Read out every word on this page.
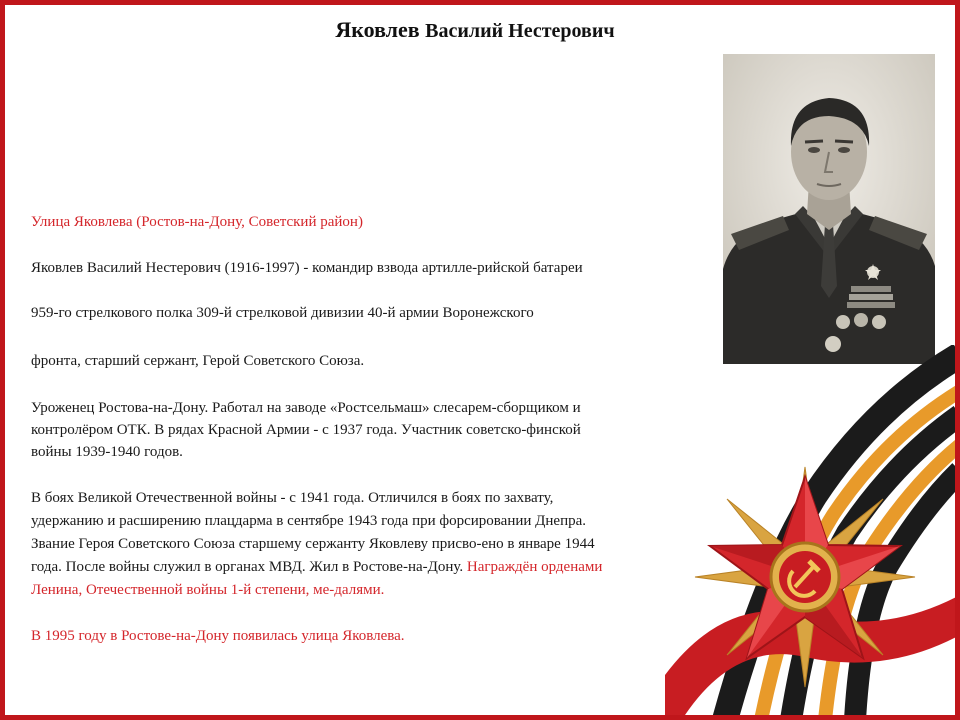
Яковлев Василий Нестерович

Улица Яковлева (Ростов-на-Дону, Советский район)

Яковлев Василий Нестерович (1916-1997) - командир взвода артилле-рийской батареи

959-го стрелкового полка 309-й стрелковой дивизии 40-й армии Воронежского

фронта, старший сержант, Герой Советского Союза.

Уроженец Ростова-на-Дону. Работал на заводе «Ростсельмаш» слесарем-сборщиком и

контролёром ОТК. В рядах Красной Армии - с 1937 года. Участник советско-финской

войны 1939-1940 годов.

В боях Великой Отечественной войны - с 1941 года. Отличился в боях по захвату,

удержанию и расширению плацдарма в сентябре 1943 года при форсировании Днепра.

Звание Героя Советского Союза старшему сержанту Яковлеву присво-ено в январе 1944

года. После войны служил в органах МВД. Жил в Ростове-на-Дону. Награждён орденами

Ленина, Отечественной войны 1-й степени, ме-далями.

В 1995 году в Ростове-на-Дону появилась улица Яковлева.
